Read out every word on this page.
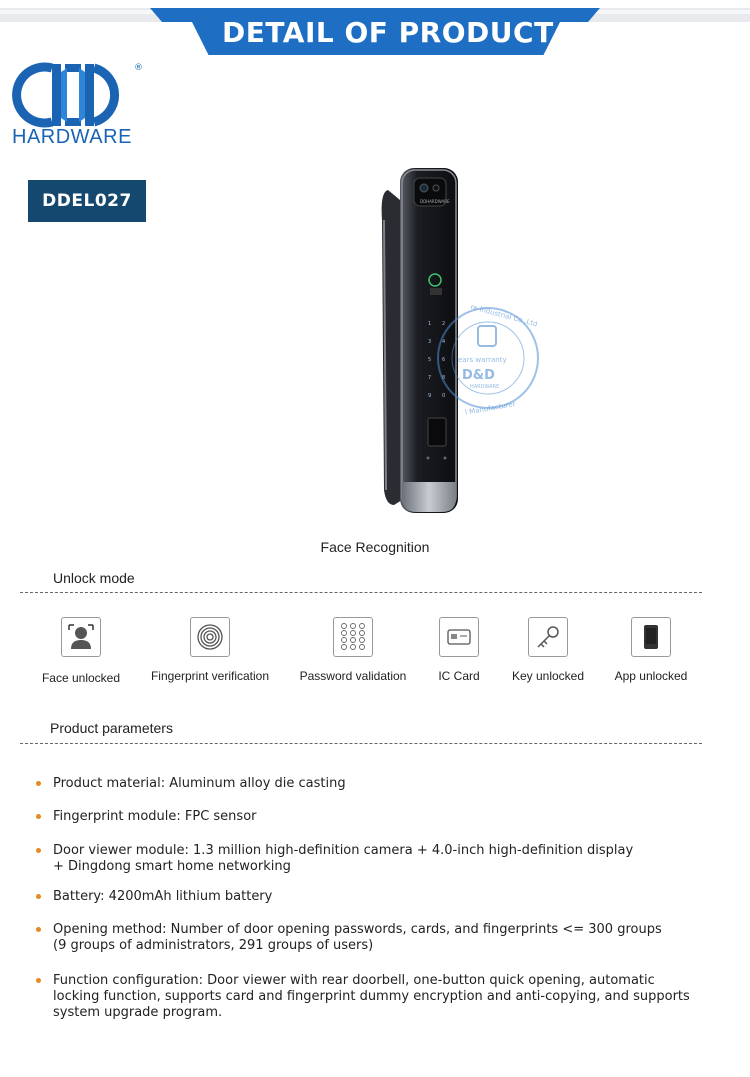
DETAIL OF PRODUCT
®
HARDWARE
DDEL027	DDHARDWARE
1 2
3 4
5 6
7 8
9 0
ears warranty
D&D
HARDWARE
re Industrial Co.,Ltd
l Manufacturer
Face Recognition
Unlock mode
Face unlocked	Fingerprint verification	Password validation	IC Card	Key unlocked	App unlocked
Product parameters
Product material: Aluminum alloy die casting
Fingerprint module: FPC sensor
Door viewer module: 1.3 million high-definition camera + 4.0-inch high-definition display
+ Dingdong smart home networking
Battery: 4200mAh lithium battery
Opening method: Number of door opening passwords, cards, and fingerprints <= 300 groups
(9 groups of administrators, 291 groups of users)
Function configuration: Door viewer with rear doorbell, one-button quick opening, automatic
locking function, supports card and fingerprint dummy encryption and anti-copying, and supports
system upgrade program.
